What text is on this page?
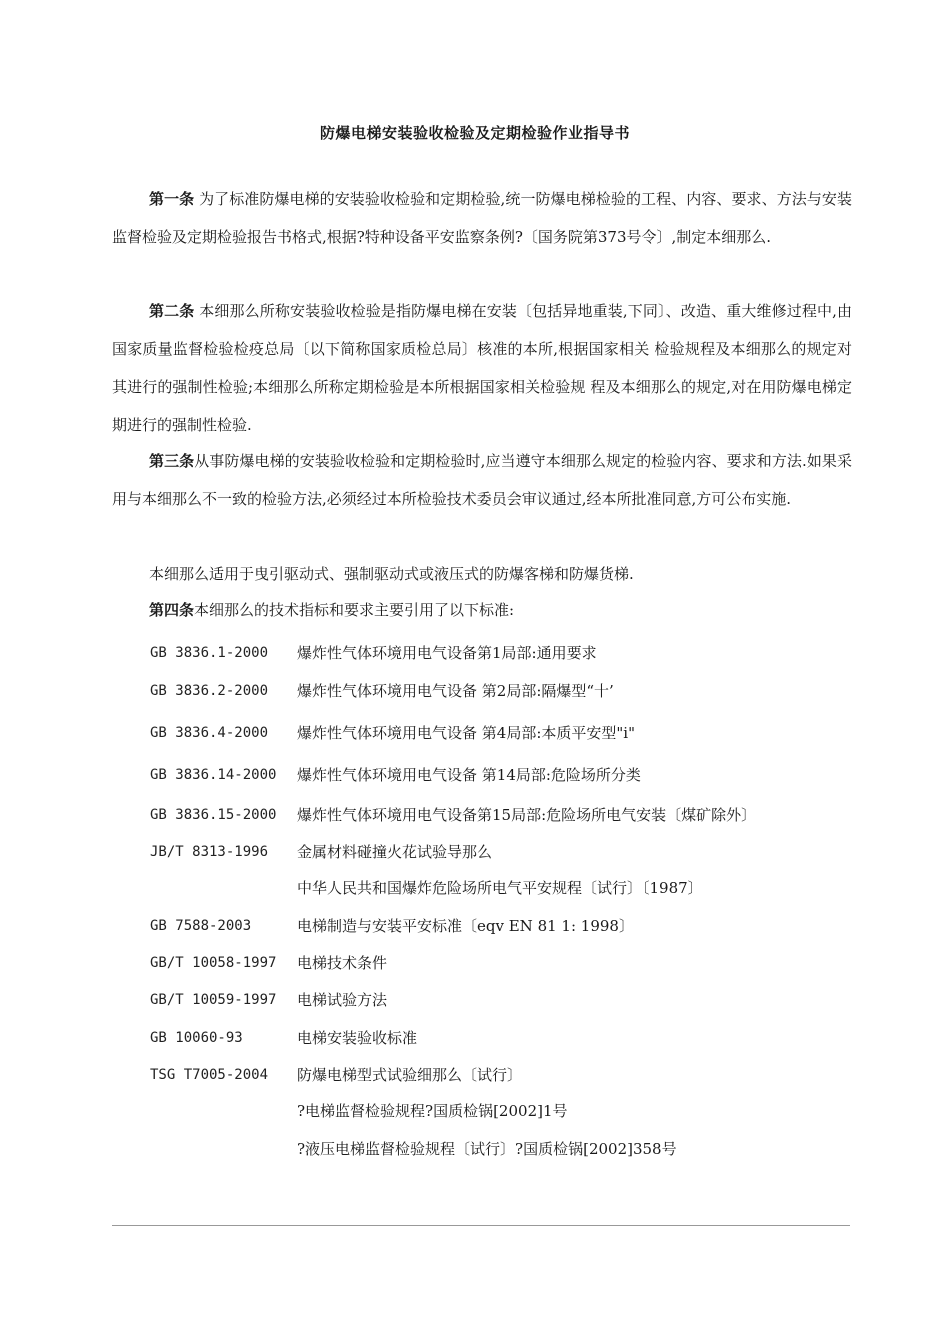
防爆电梯安装验收检验及定期检验作业指导书

第一条 为了标准防爆电梯的安装验收检验和定期检验,统一防爆电梯检验的工程、内容、要求、方法与安装监督检验及定期检验报告书格式,根据?特种设备平安监察条例?〔国务院第373号令〕,制定本细那么.

第二条 本细那么所称安装验收检验是指防爆电梯在安装〔包括异地重装,下同〕、改造、重大维修过程中,由国家质量监督检验检疫总局〔以下简称国家质检总局〕核准的本所,根据国家相关 检验规程及本细那么的规定对其进行的强制性检验;本细那么所称定期检验是本所根据国家相关检验规 程及本细那么的规定,对在用防爆电梯定期进行的强制性检验.

第三条从事防爆电梯的安装验收检验和定期检验时,应当遵守本细那么规定的检验内容、要求和方法.如果采用与本细那么不一致的检验方法,必须经过本所检验技术委员会审议通过,经本所批准同意,方可公布实施.

本细那么适用于曳引驱动式、强制驱动式或液压式的防爆客梯和防爆货梯.

第四条本细那么的技术指标和要求主要引用了以下标准:

GB 3836.1-2000 爆炸性气体环境用电气设备第1局部:通用要求
GB 3836.2-2000 爆炸性气体环境用电气设备 第2局部:隔爆型“十’
GB 3836.4-2000 爆炸性气体环境用电气设备 第4局部:本质平安型"i"
GB 3836.14-2000 爆炸性气体环境用电气设备 第14局部:危险场所分类
GB 3836.15-2000 爆炸性气体环境用电气设备第15局部:危险场所电气安装〔煤矿除外〕
JB/T 8313-1996 金属材料碰撞火花试验导那么
中华人民共和国爆炸危险场所电气平安规程〔试行〕〔1987〕
GB 7588-2003	电梯制造与安装平安标准〔eqv EN 81 1: 1998〕
GB/T 10058-1997 电梯技术条件
GB/T 10059-1997 电梯试验方法
GB 10060-93	电梯安装验收标准
TSG T7005-2004 防爆电梯型式试验细那么〔试行〕
?电梯监督检验规程?国质检锅[2002]1号
?液压电梯监督检验规程〔试行〕?国质检锅[2002]358号
